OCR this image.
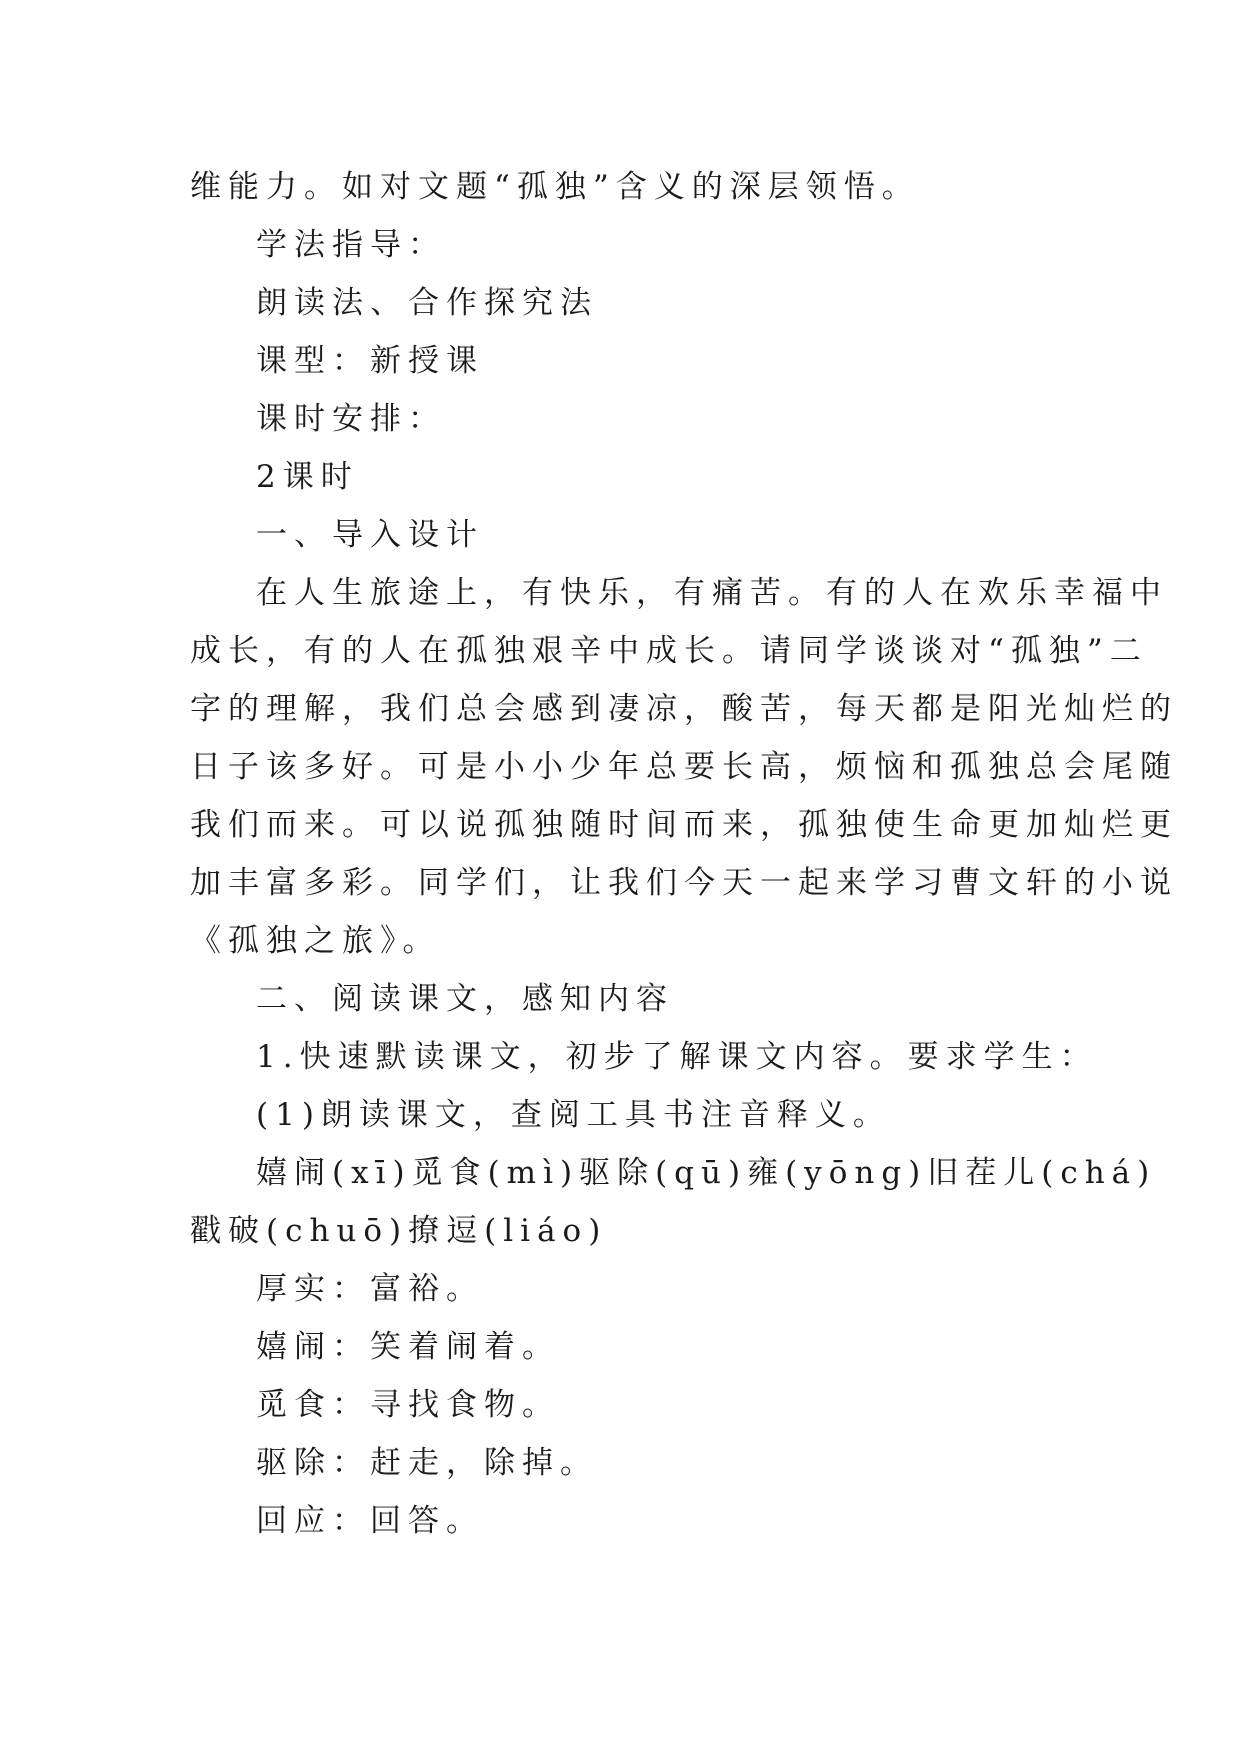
维能力。如对文题“孤独”含义的深层领悟。
学法指导：
朗读法、合作探究法
课型：新授课
课时安排：
2课时
一、导入设计
在人生旅途上，有快乐，有痛苦。有的人在欢乐幸福中
成长，有的人在孤独艰辛中成长。请同学谈谈对“孤独”二
字的理解，我们总会感到凄凉，酸苦，每天都是阳光灿烂的
日子该多好。可是小小少年总要长高，烦恼和孤独总会尾随
我们而来。可以说孤独随时间而来，孤独使生命更加灿烂更
加丰富多彩。同学们，让我们今天一起来学习曹文轩的小说
《孤独之旅》。
二、阅读课文，感知内容
1.快速默读课文，初步了解课文内容。要求学生：
(1)朗读课文，查阅工具书注音释义。
嬉闹(xī)觅食(mì)驱除(qū)雍(yōng)旧茬儿(chá)
戳破(chuō)撩逗(liáo)
厚实：富裕。
嬉闹：笑着闹着。
觅食：寻找食物。
驱除：赶走，除掉。
回应：回答。
